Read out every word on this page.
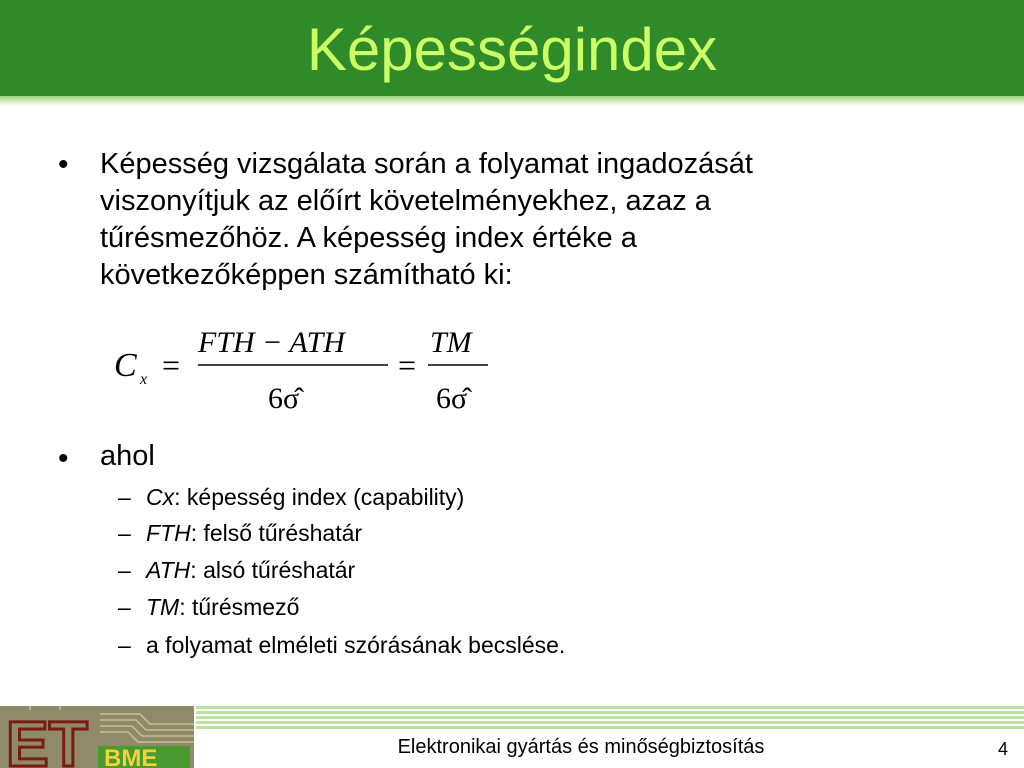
Képességindex
• Képesség vizsgálata során a folyamat ingadozását
viszonyítjuk az előírt követelményekhez, azaz a
tűrésmezőhöz. A képesség index értéke a
következőképpen számítható ki:
C x =
FTH − ATH
6σ̂
=
TM
6σ̂
• ahol
– Cx: képesség index (capability)
– FTH: felső tűréshatár
– ATH: alsó tűréshatár
– TM: tűrésmező
– a folyamat elméleti szórásának becslése.
ET BME	Elektronikai gyártás és minőségbiztosítás	4
